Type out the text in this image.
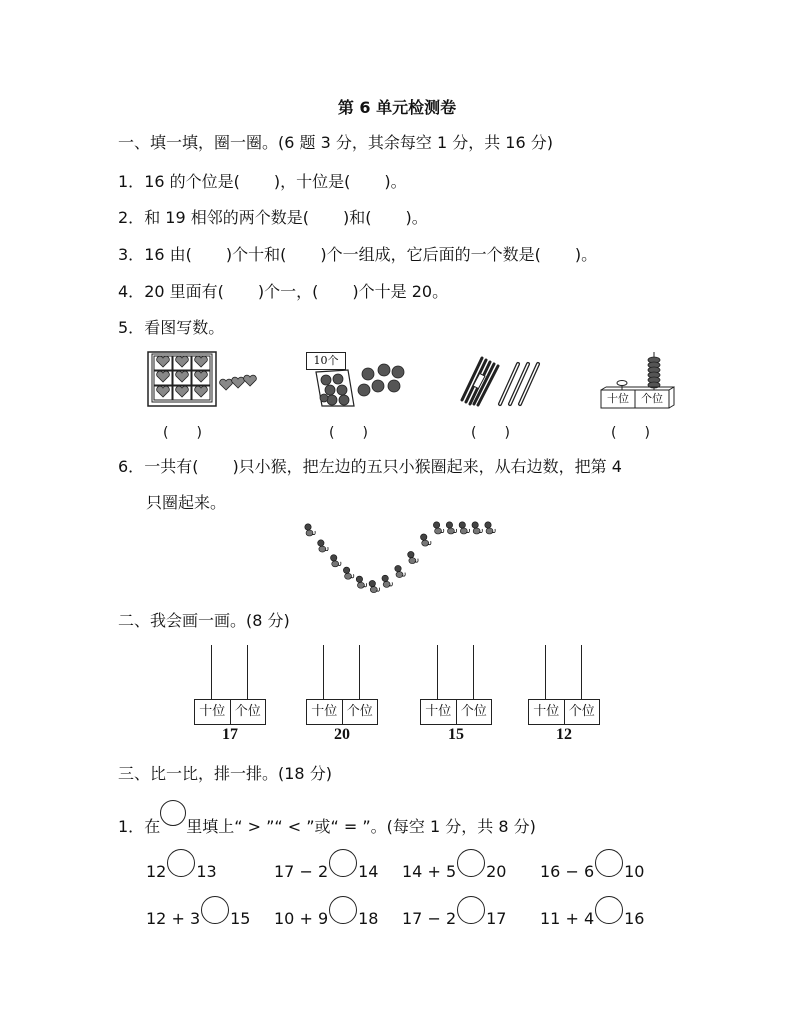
第 6 单元检测卷
一、填一填，圈一圈。(6 题 3 分，其余每空 1 分，共 16 分)
1．16 的个位是( )，十位是( )。
2．和 19 相邻的两个数是( )和( )。
3．16 由( )个十和( )个一组成，它后面的一个数是( )。
4．20 里面有( )个一，( )个十是 20。
5．看图写数。
10个
十位	个位
(　　)	(　　)	(　　)	(　　)
6．一共有( )只小猴，把左边的五只小猴圈起来，从右边数，把第 4
只圈起来。
二、我会画一画。(8 分)
十位 个位
17
十位 个位
20
十位 个位
15
十位 个位
12
三、比一比，排一排。(18 分)
1．在 里填上“ > ”“ < ”或“ = ”。(每空 1 分，共 8 分)
12 13	17 − 2 14 14 + 5 20 16 − 6 10
12 + 3 15 10 + 9 18 17 − 2 17 11 + 4 16
